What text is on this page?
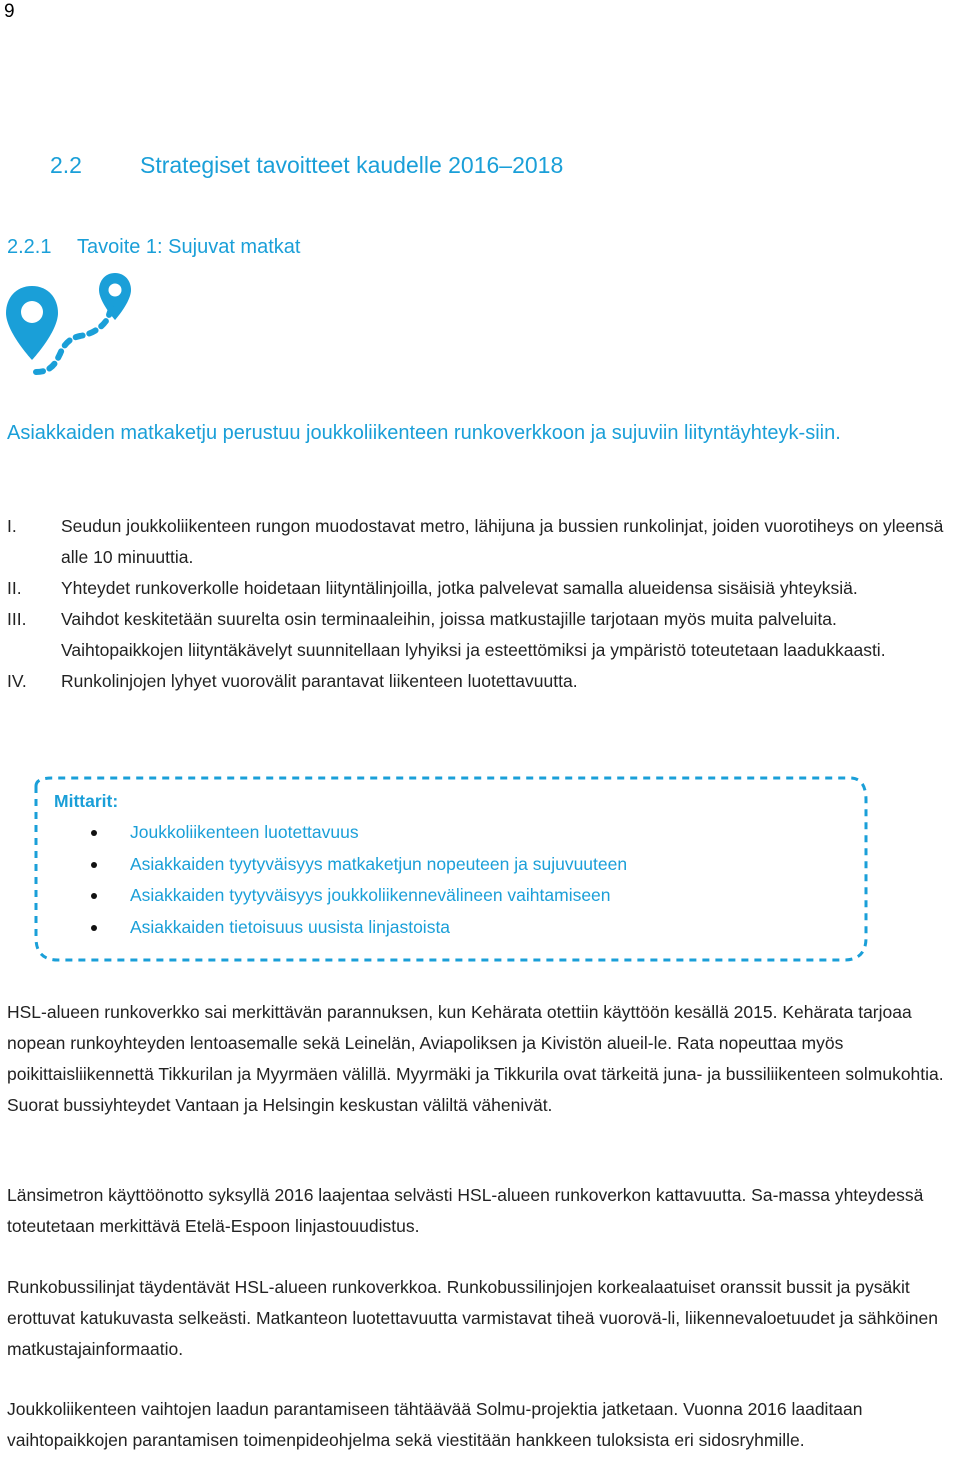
9
2.2	Strategiset tavoitteet kaudelle 2016–2018
2.2.1 Tavoite 1: Sujuvat matkat
Asiakkaiden matkaketju perustuu joukkoliikenteen runkoverkkoon ja sujuviin liityntäyhteyk-siin.
I.	Seudun joukkoliikenteen rungon muodostavat metro, lähijuna ja bussien runkolinjat, joiden vuorotiheys on yleensä alle 10 minuuttia.
II. Yhteydet runkoverkolle hoidetaan liityntälinjoilla, jotka palvelevat samalla alueidensa sisäisiä yhteyksiä.
III. Vaihdot keskitetään suurelta osin terminaaleihin, joissa matkustajille tarjotaan myös muita palveluita. Vaihtopaikkojen liityntäkävelyt suunnitellaan lyhyiksi ja esteettömiksi ja ympäristö toteutetaan laadukkaasti.
IV. Runkolinjojen lyhyet vuorovälit parantavat liikenteen luotettavuutta.
Mittarit:
Joukkoliikenteen luotettavuus
Asiakkaiden tyytyväisyys matkaketjun nopeuteen ja sujuvuuteen
Asiakkaiden tyytyväisyys joukkoliikennevälineen vaihtamiseen
Asiakkaiden tietoisuus uusista linjastoista

HSL-alueen runkoverkko sai merkittävän parannuksen, kun Kehärata otettiin käyttöön kesällä 2015. Kehärata tarjoaa nopean runkoyhteyden lentoasemalle sekä Leinelän, Aviapoliksen ja Kivistön alueil-le. Rata nopeuttaa myös poikittaisliikennettä Tikkurilan ja Myyrmäen välillä. Myyrmäki ja Tikkurila ovat tärkeitä juna- ja bussiliikenteen solmukohtia. Suorat bussiyhteydet Vantaan ja Helsingin keskustan väliltä vähenivät.

Länsimetron käyttöönotto syksyllä 2016 laajentaa selvästi HSL-alueen runkoverkon kattavuutta. Sa-massa yhteydessä toteutetaan merkittävä Etelä-Espoon linjastouudistus.

Runkobussilinjat täydentävät HSL-alueen runkoverkkoa. Runkobussilinjojen korkealaatuiset oranssit bussit ja pysäkit erottuvat katukuvasta selkeästi. Matkanteon luotettavuutta varmistavat tiheä vuorovä-li, liikennevaloetuudet ja sähköinen matkustajainformaatio.

Joukkoliikenteen vaihtojen laadun parantamiseen tähtäävää Solmu-projektia jatketaan. Vuonna 2016 laaditaan vaihtopaikkojen parantamisen toimenpideohjelma sekä viestitään hankkeen tuloksista eri sidosryhmille.
